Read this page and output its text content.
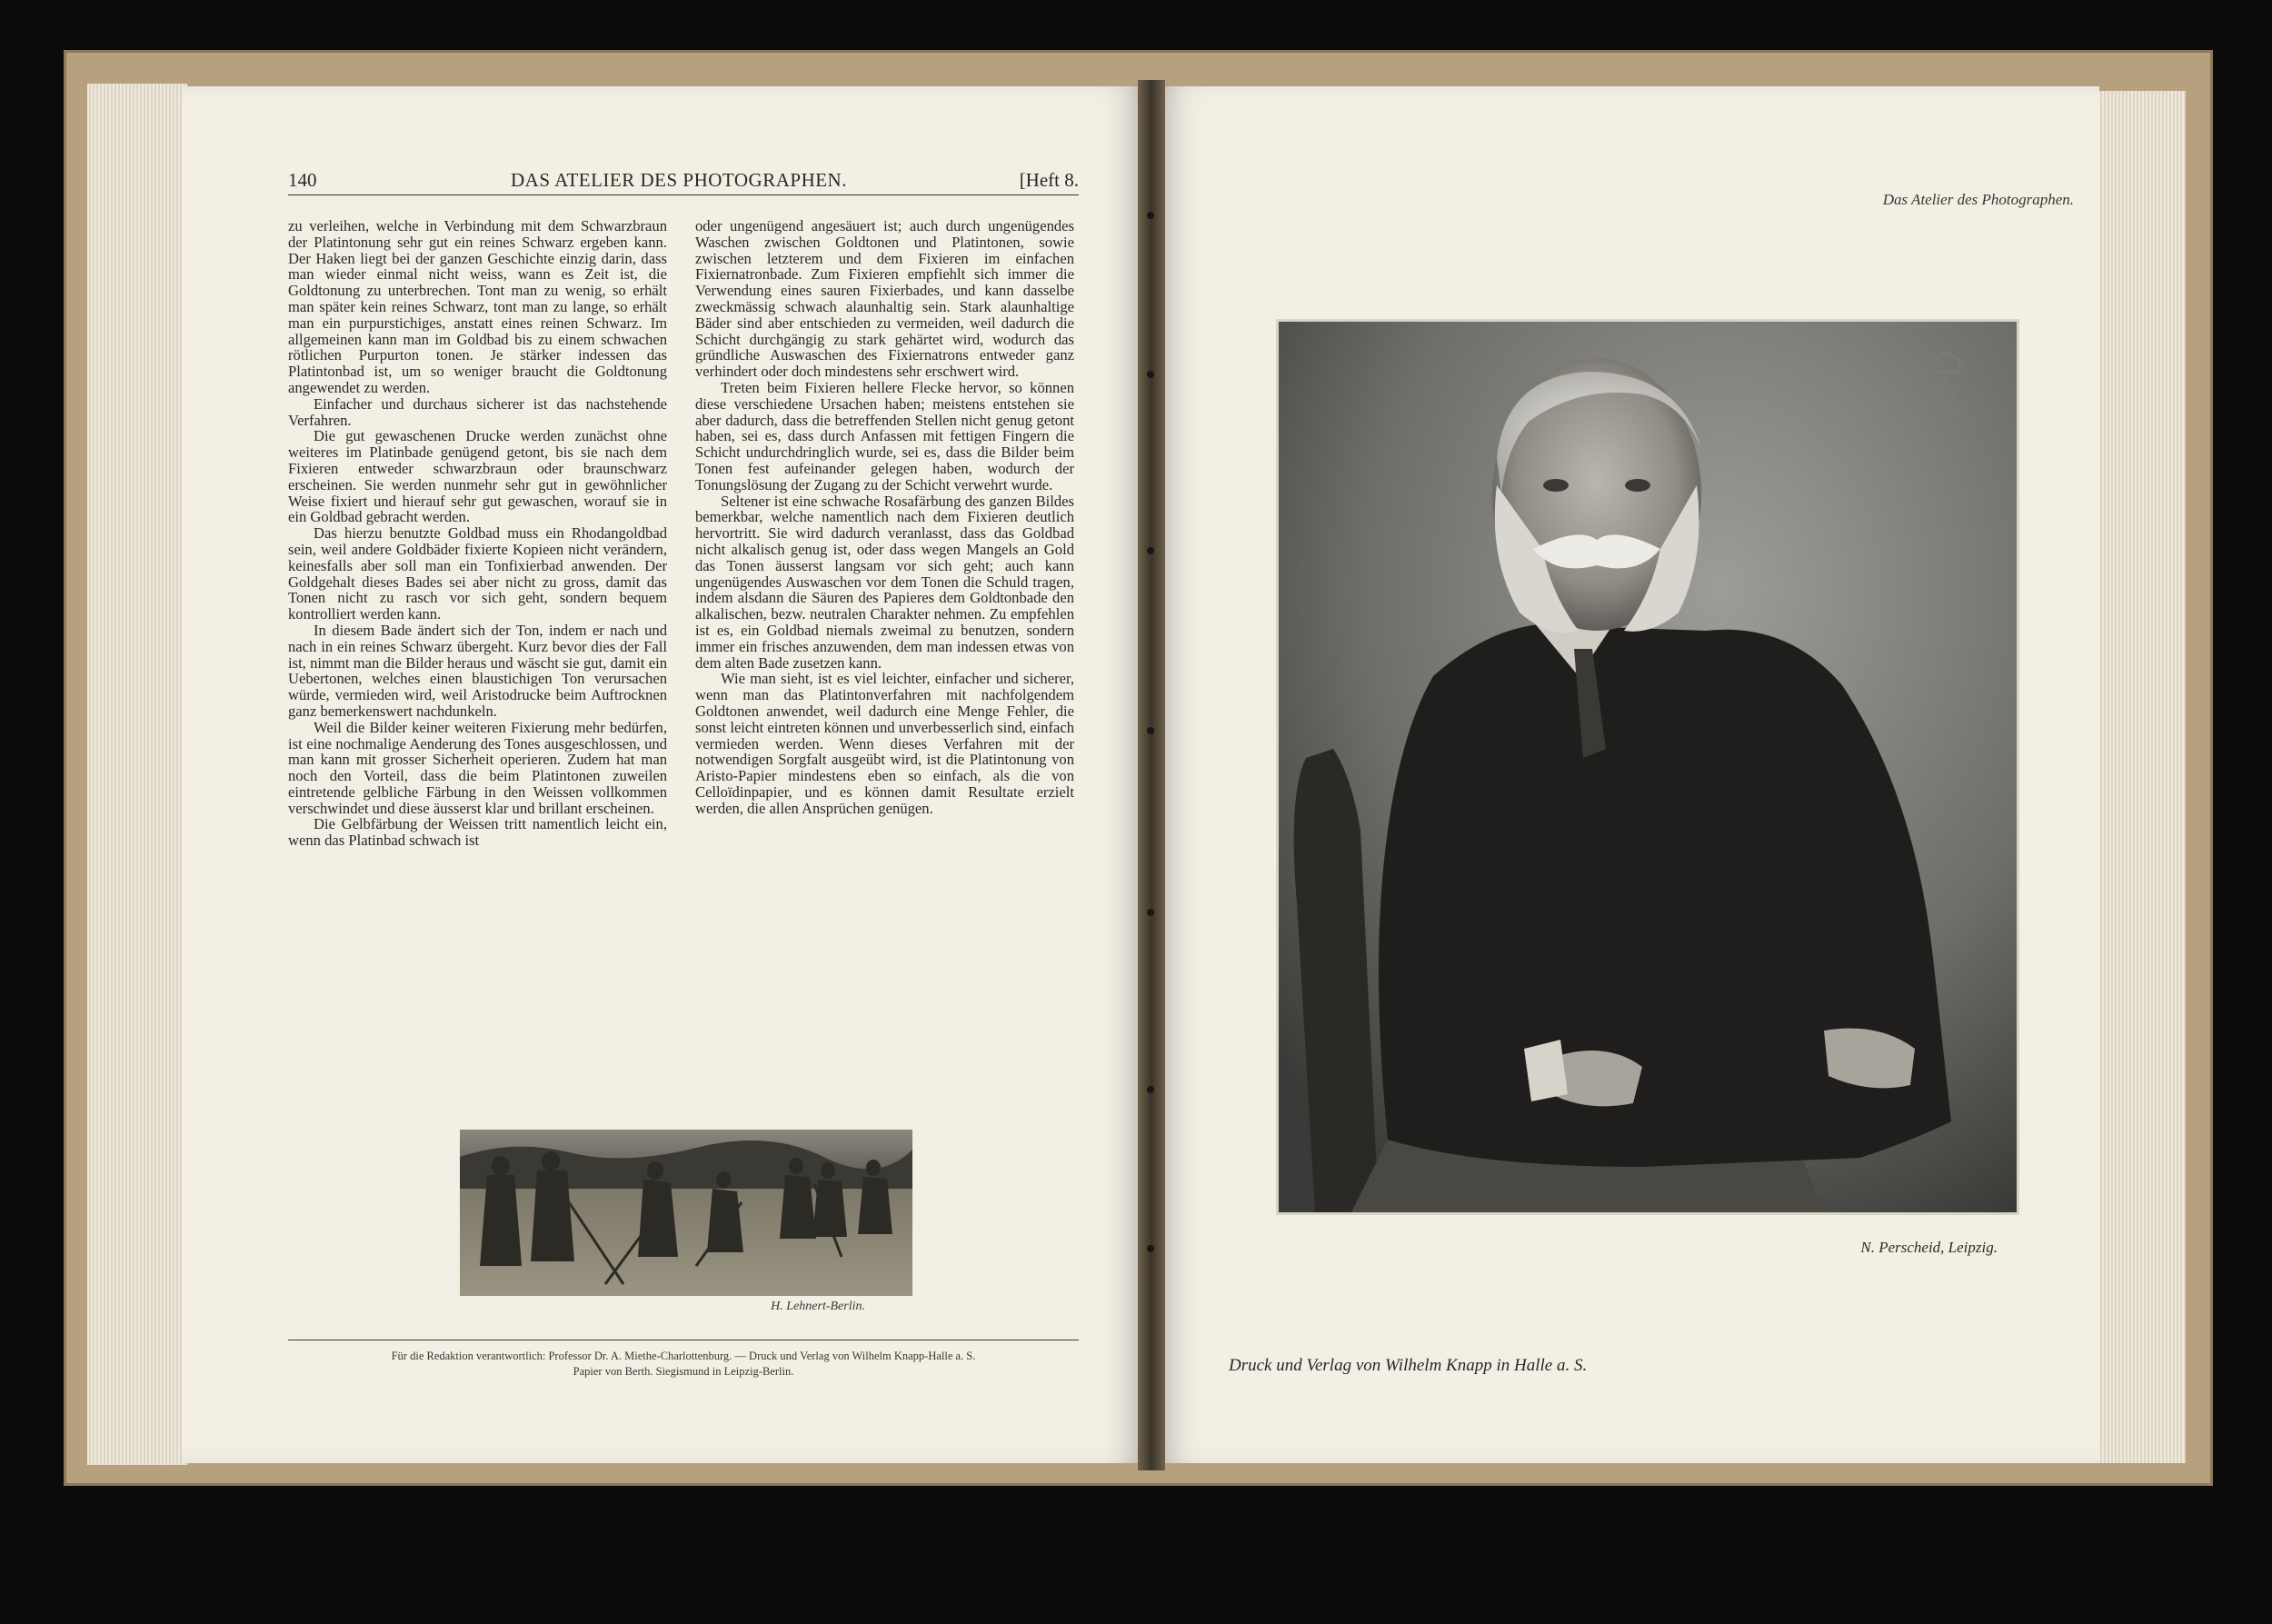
140	DAS ATELIER DES PHOTOGRAPHEN.	[Heft 8.

zu verleihen, welche in Verbindung mit dem Schwarzbraun der Platintonung sehr gut ein reines Schwarz ergeben kann. Der Haken liegt bei der ganzen Geschichte einzig darin, dass man wieder einmal nicht weiss, wann es Zeit ist, die Goldtonung zu unterbrechen. Tont man zu wenig, so erhält man später kein reines Schwarz, tont man zu lange, so erhält man ein purpurstichiges, anstatt eines reinen Schwarz. Im allgemeinen kann man im Goldbad bis zu einem schwachen rötlichen Purpurton tonen. Je stärker indessen das Platintonbad ist, um so weniger braucht die Goldtonung angewendet zu werden.

Einfacher und durchaus sicherer ist das nachstehende Verfahren.

Die gut gewaschenen Drucke werden zunächst ohne weiteres im Platinbade genügend getont, bis sie nach dem Fixieren entweder schwarzbraun oder braunschwarz erscheinen. Sie werden nunmehr sehr gut in gewöhnlicher Weise fixiert und hierauf sehr gut gewaschen, worauf sie in ein Goldbad gebracht werden.

Das hierzu benutzte Goldbad muss ein Rhodangoldbad sein, weil andere Goldbäder fixierte Kopieen nicht verändern, keinesfalls aber soll man ein Tonfixierbad anwenden. Der Goldgehalt dieses Bades sei aber nicht zu gross, damit das Tonen nicht zu rasch vor sich geht, sondern bequem kontrolliert werden kann.

In diesem Bade ändert sich der Ton, indem er nach und nach in ein reines Schwarz übergeht. Kurz bevor dies der Fall ist, nimmt man die Bilder heraus und wäscht sie gut, damit ein Uebertonen, welches einen blaustichigen Ton verursachen würde, vermieden wird, weil Aristodrucke beim Auftrocknen ganz bemerkenswert nachdunkeln.

Weil die Bilder keiner weiteren Fixierung mehr bedürfen, ist eine nochmalige Aenderung des Tones ausgeschlossen, und man kann mit grosser Sicherheit operieren. Zudem hat man noch den Vorteil, dass die beim Platintonen zuweilen eintretende gelbliche Färbung in den Weissen vollkommen verschwindet und diese äusserst klar und brillant erscheinen.

Die Gelbfärbung der Weissen tritt namentlich leicht ein, wenn das Platinbad schwach ist

oder ungenügend angesäuert ist; auch durch ungenügendes Waschen zwischen Goldtonen und Platintonen, sowie zwischen letzterem und dem Fixieren im einfachen Fixiernatronbade. Zum Fixieren empfiehlt sich immer die Verwendung eines sauren Fixierbades, und kann dasselbe zweckmässig schwach alaunhaltig sein. Stark alaunhaltige Bäder sind aber entschieden zu vermeiden, weil dadurch die Schicht durchgängig zu stark gehärtet wird, wodurch das gründliche Auswaschen des Fixiernatrons entweder ganz verhindert oder doch mindestens sehr erschwert wird.

Treten beim Fixieren hellere Flecke hervor, so können diese verschiedene Ursachen haben; meistens entstehen sie aber dadurch, dass die betreffenden Stellen nicht genug getont haben, sei es, dass durch Anfassen mit fettigen Fingern die Schicht undurchdringlich wurde, sei es, dass die Bilder beim Tonen fest aufeinander gelegen haben, wodurch der Tonungslösung der Zugang zu der Schicht verwehrt wurde.

Seltener ist eine schwache Rosafärbung des ganzen Bildes bemerkbar, welche namentlich nach dem Fixieren deutlich hervortritt. Sie wird dadurch veranlasst, dass das Goldbad nicht alkalisch genug ist, oder dass wegen Mangels an Gold das Tonen äusserst langsam vor sich geht; auch kann ungenügendes Auswaschen vor dem Tonen die Schuld tragen, indem alsdann die Säuren des Papieres dem Goldtonbade den alkalischen, bezw. neutralen Charakter nehmen. Zu empfehlen ist es, ein Goldbad niemals zweimal zu benutzen, sondern immer ein frisches anzuwenden, dem man indessen etwas von dem alten Bade zusetzen kann.

Wie man sieht, ist es viel leichter, einfacher und sicherer, wenn man das Platintonverfahren mit nachfolgendem Goldtonen anwendet, weil dadurch eine Menge Fehler, die sonst leicht eintreten können und unverbesserlich sind, einfach vermieden werden. Wenn dieses Verfahren mit der notwendigen Sorgfalt ausgeübt wird, ist die Platintonung von Aristo-Papier mindestens eben so einfach, als die von Celloïdinpapier, und es können damit Resultate erzielt werden, die allen Ansprüchen genügen.

H. Lehnert-Berlin.
Für die Redaktion verantwortlich: Professor Dr. A. Miethe-Charlottenburg. — Druck und Verlag von Wilhelm Knapp-Halle a. S.
Papier von Berth. Siegismund in Leipzig-Berlin.
Das Atelier des Photographen.
N. Perscheid, Leipzig.
Druck und Verlag von Wilhelm Knapp in Halle a. S.
